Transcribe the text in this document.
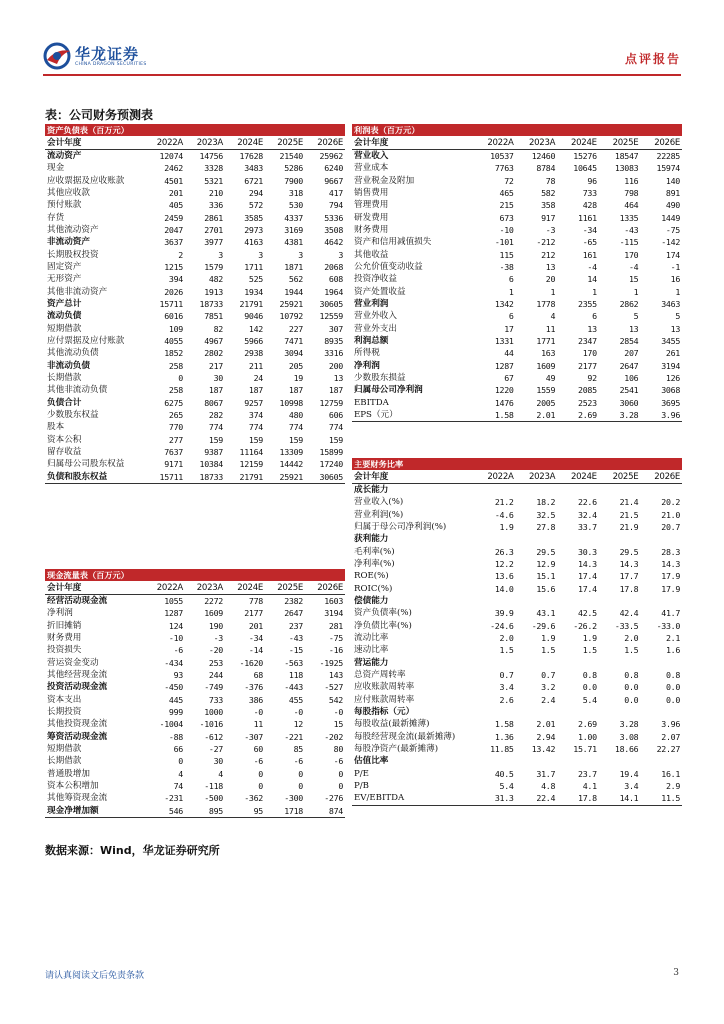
华龙证券
CHINA DRAGON SECURITIES	点评报告
表：公司财务预测表
资产负债表（百万元）					
会计年度	2022A	2023A	2024E	2025E	2026E
流动资产	12074	14756	17628	21540	25962
现金	2462	3328	3483	5286	6240
应收票据及应收账款	4501	5321	6721	7900	9667
其他应收款	201	210	294	318	417
预付账款	405	336	572	530	794
存货	2459	2861	3585	4337	5336
其他流动资产	2047	2701	2973	3169	3508
非流动资产	3637	3977	4163	4381	4642
长期股权投资	2	3	3	3	3
固定资产	1215	1579	1711	1871	2068
无形资产	394	482	525	562	608
其他非流动资产	2026	1913	1934	1944	1964
资产总计	15711	18733	21791	25921	30605
流动负债	6016	7851	9046	10792	12559
短期借款	109	82	142	227	307
应付票据及应付账款	4055	4967	5966	7471	8935
其他流动负债	1852	2802	2938	3094	3316
非流动负债	258	217	211	205	200
长期借款	0	30	24	19	13
其他非流动负债	258	187	187	187	187
负债合计	6275	8067	9257	10998	12759
少数股东权益	265	282	374	480	606
股本	770	774	774	774	774
资本公积	277	159	159	159	159
留存收益	7637	9387	11164	13309	15899
归属母公司股东权益	9171	10384	12159	14442	17240
负债和股东权益	15711	18733	21791	25921	30605
利润表（百万元）					
会计年度	2022A	2023A	2024E	2025E	2026E
营业收入	10537	12460	15276	18547	22285
营业成本	7763	8784	10645	13083	15974
营业税金及附加	72	78	96	116	140
销售费用	465	582	733	798	891
管理费用	215	358	428	464	490
研发费用	673	917	1161	1335	1449
财务费用	-10	-3	-34	-43	-75
资产和信用减值损失	-101	-212	-65	-115	-142
其他收益	115	212	161	170	174
公允价值变动收益	-38	13	-4	-4	-1
投资净收益	6	20	14	15	16
资产处置收益	1	1	1	1	1
营业利润	1342	1778	2355	2862	3463
营业外收入	6	4	6	5	5
营业外支出	17	11	13	13	13
利润总额	1331	1771	2347	2854	3455
所得税	44	163	170	207	261
净利润	1287	1609	2177	2647	3194
少数股东损益	67	49	92	106	126
归属母公司净利润	1220	1559	2085	2541	3068
EBITDA	1476	2005	2523	3060	3695
EPS（元）	1.58	2.01	2.69	3.28	3.96
现金流量表（百万元）					
会计年度	2022A	2023A	2024E	2025E	2026E
经营活动现金流	1055	2272	778	2382	1603
净利润	1287	1609	2177	2647	3194
折旧摊销	124	190	201	237	281
财务费用	-10	-3	-34	-43	-75
投资损失	-6	-20	-14	-15	-16
营运资金变动	-434	253	-1620	-563	-1925
其他经营现金流	93	244	68	118	143
投资活动现金流	-450	-749	-376	-443	-527
资本支出	445	733	386	455	542
长期投资	999	1000	-0	-0	-0
其他投资现金流	-1004	-1016	11	12	15
筹资活动现金流	-88	-612	-307	-221	-202
短期借款	66	-27	60	85	80
长期借款	0	30	-6	-6	-6
普通股增加	4	4	0	0	0
资本公积增加	74	-118	0	0	0
其他筹资现金流	-231	-500	-362	-300	-276
现金净增加额	546	895	95	1718	874
主要财务比率					
会计年度	2022A	2023A	2024E	2025E	2026E
成长能力					
营业收入(%)	21.2	18.2	22.6	21.4	20.2
营业利润(%)	-4.6	32.5	32.4	21.5	21.0
归属于母公司净利润(%)	1.9	27.8	33.7	21.9	20.7
获利能力					
毛利率(%)	26.3	29.5	30.3	29.5	28.3
净利率(%)	12.2	12.9	14.3	14.3	14.3
ROE(%)	13.6	15.1	17.4	17.7	17.9
ROIC(%)	14.0	15.6	17.4	17.8	17.9
偿债能力					
资产负债率(%)	39.9	43.1	42.5	42.4	41.7
净负债比率(%)	-24.6	-29.6	-26.2	-33.5	-33.0
流动比率	2.0	1.9	1.9	2.0	2.1
速动比率	1.5	1.5	1.5	1.5	1.6
营运能力					
总资产周转率	0.7	0.7	0.8	0.8	0.8
应收账款周转率	3.4	3.2	0.0	0.0	0.0
应付账款周转率	2.6	2.4	5.4	0.0	0.0
每股指标（元）					
每股收益(最新摊薄)	1.58	2.01	2.69	3.28	3.96
每股经营现金流(最新摊薄)	1.36	2.94	1.00	3.08	2.07
每股净资产(最新摊薄)	11.85	13.42	15.71	18.66	22.27
估值比率					
P/E	40.5	31.7	23.7	19.4	16.1
P/B	5.4	4.8	4.1	3.4	2.9
EV/EBITDA	31.3	22.4	17.8	14.1	11.5
数据来源：Wind，华龙证券研究所
请认真阅读文后免责条款	3
